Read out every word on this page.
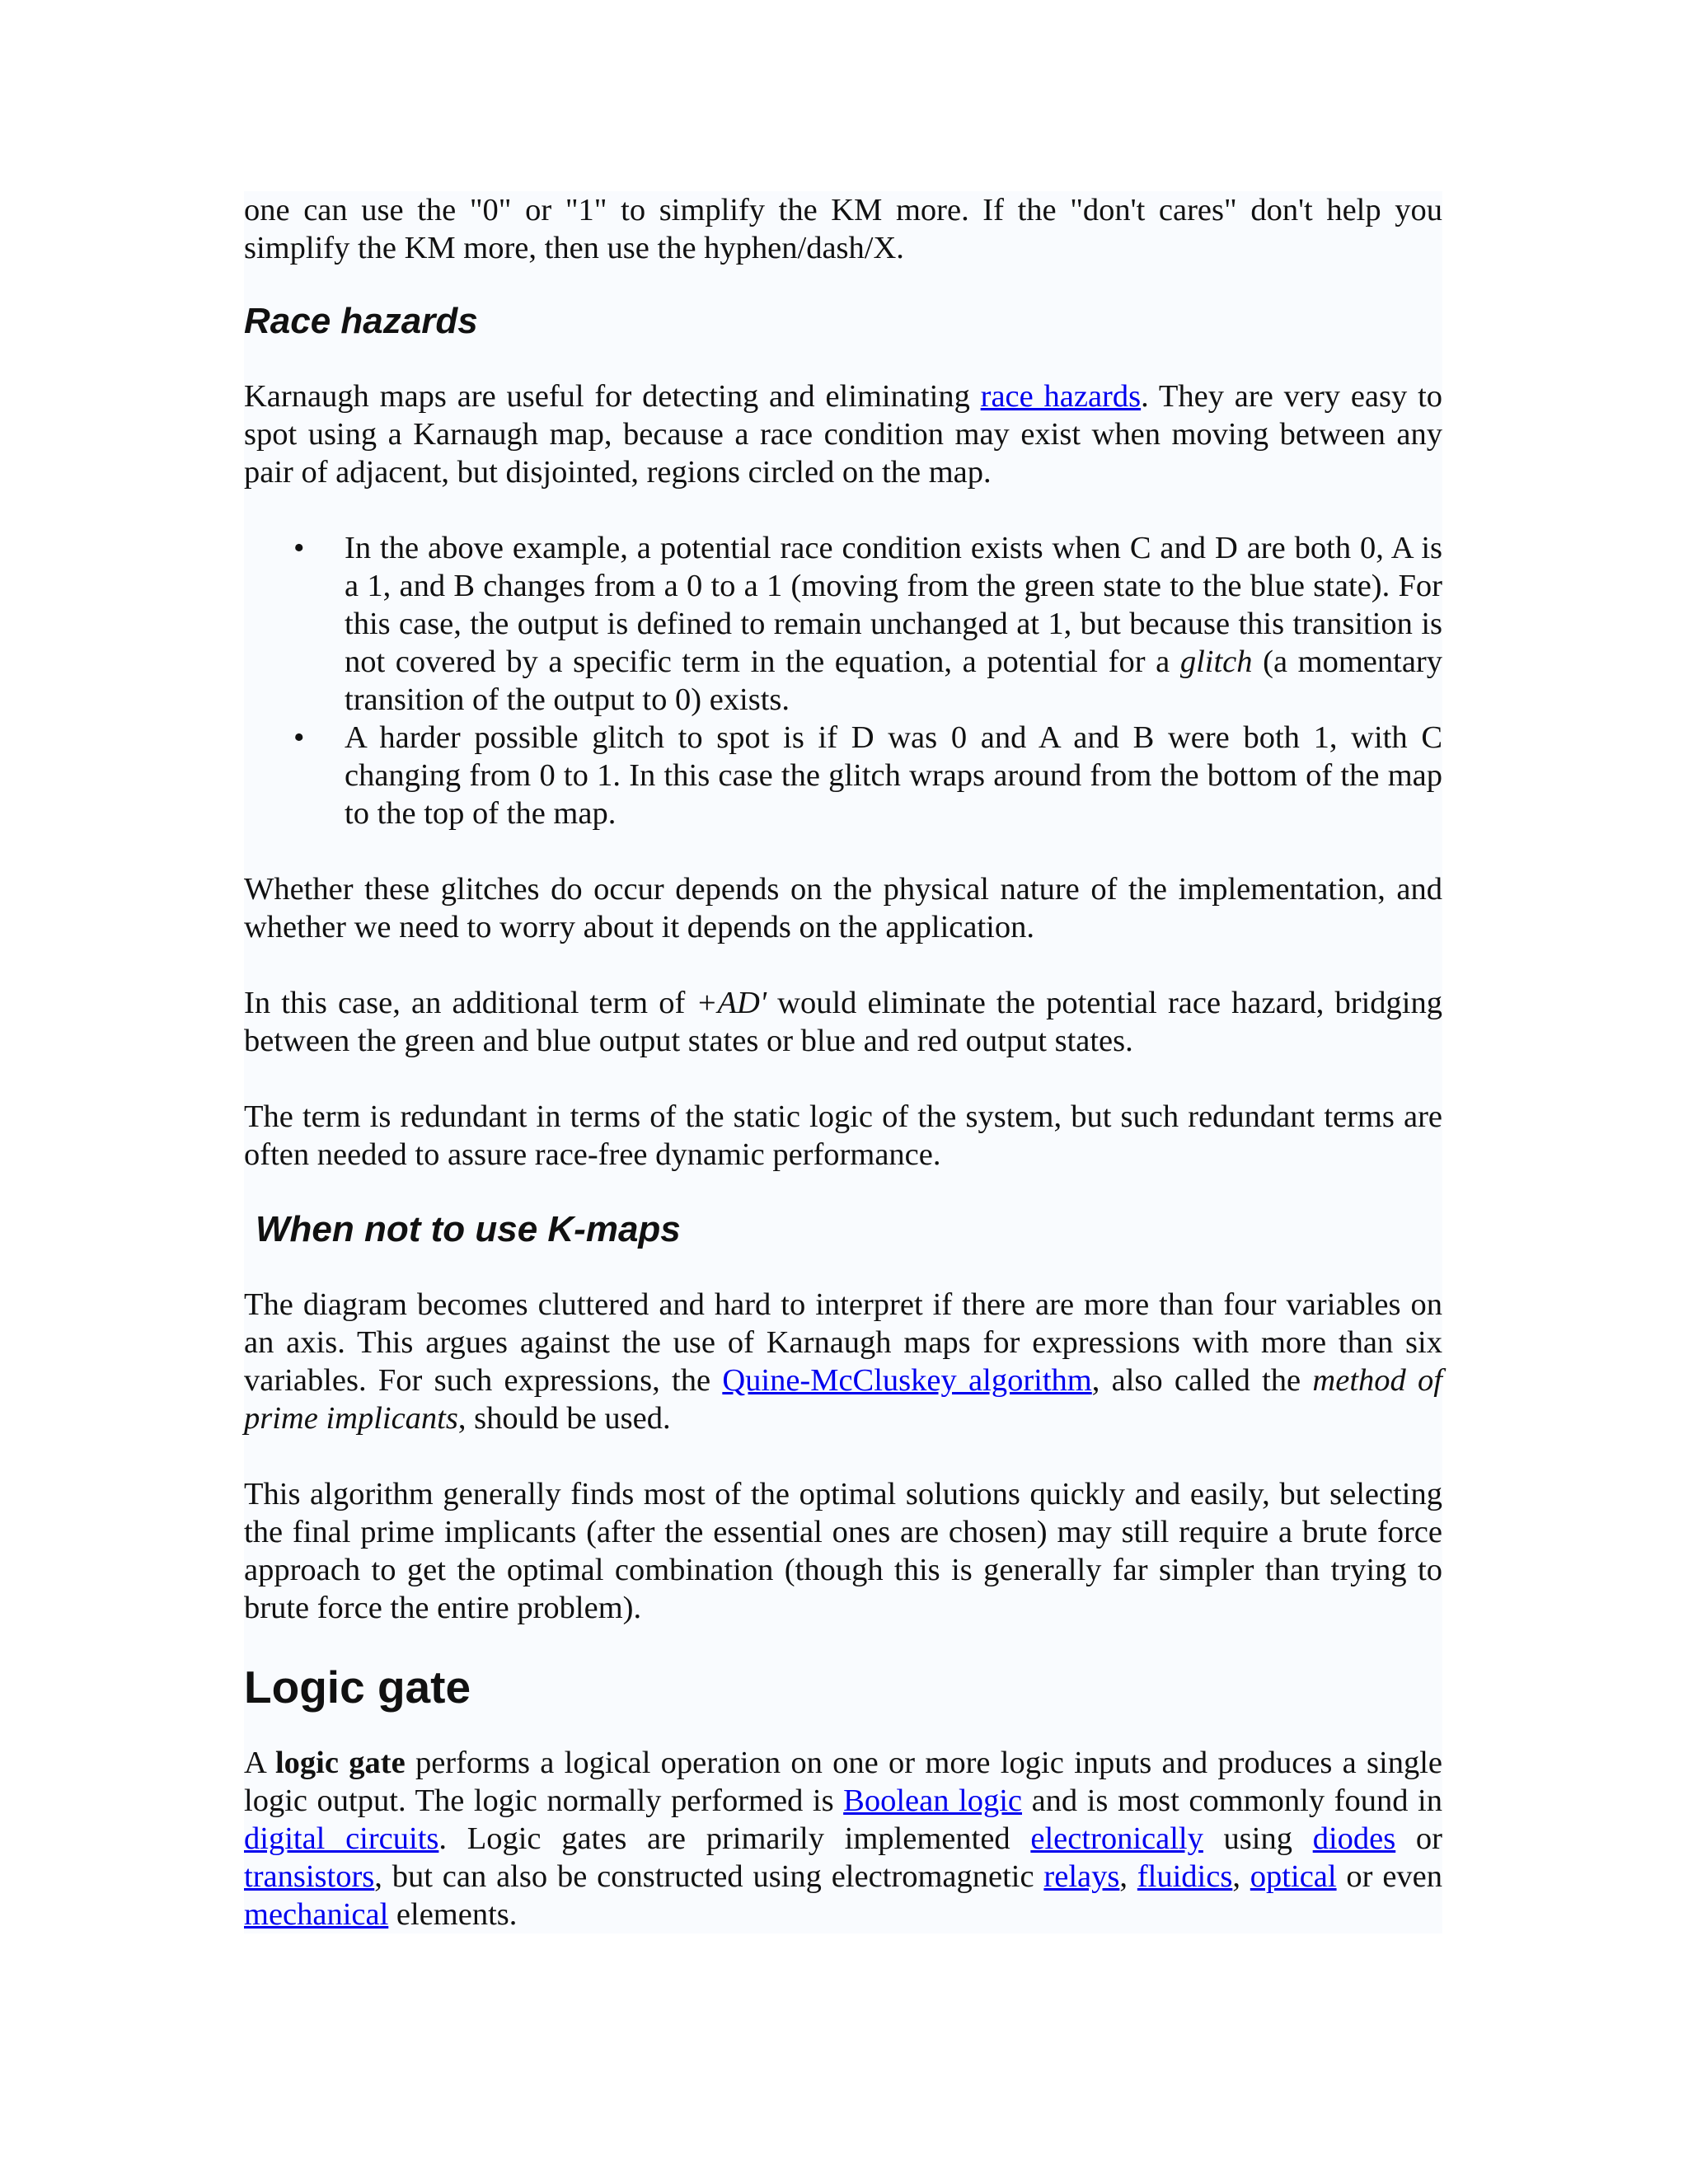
one can use the "0" or "1" to simplify the KM more. If the "don't cares" don't help you simplify the KM more, then use the hyphen/dash/X.

Race hazards

Karnaugh maps are useful for detecting and eliminating race hazards. They are very easy to spot using a Karnaugh map, because a race condition may exist when moving between any pair of adjacent, but disjointed, regions circled on the map.

• In the above example, a potential race condition exists when C and D are both 0, A is a 1, and B changes from a 0 to a 1 (moving from the green state to the blue state). For this case, the output is defined to remain unchanged at 1, but because this transition is not covered by a specific term in the equation, a potential for a glitch (a momentary transition of the output to 0) exists.
• A harder possible glitch to spot is if D was 0 and A and B were both 1, with C changing from 0 to 1. In this case the glitch wraps around from the bottom of the map to the top of the map.

Whether these glitches do occur depends on the physical nature of the implementation, and whether we need to worry about it depends on the application.

In this case, an additional term of +AD' would eliminate the potential race hazard, bridging between the green and blue output states or blue and red output states.

The term is redundant in terms of the static logic of the system, but such redundant terms are often needed to assure race-free dynamic performance.

When not to use K-maps

The diagram becomes cluttered and hard to interpret if there are more than four variables on an axis. This argues against the use of Karnaugh maps for expressions with more than six variables. For such expressions, the Quine-McCluskey algorithm, also called the method of prime implicants, should be used.

This algorithm generally finds most of the optimal solutions quickly and easily, but selecting the final prime implicants (after the essential ones are chosen) may still require a brute force approach to get the optimal combination (though this is generally far simpler than trying to brute force the entire problem).

Logic gate

A logic gate performs a logical operation on one or more logic inputs and produces a single logic output. The logic normally performed is Boolean logic and is most commonly found in digital circuits. Logic gates are primarily implemented electronically using diodes or transistors, but can also be constructed using electromagnetic relays, fluidics, optical or even mechanical elements.
